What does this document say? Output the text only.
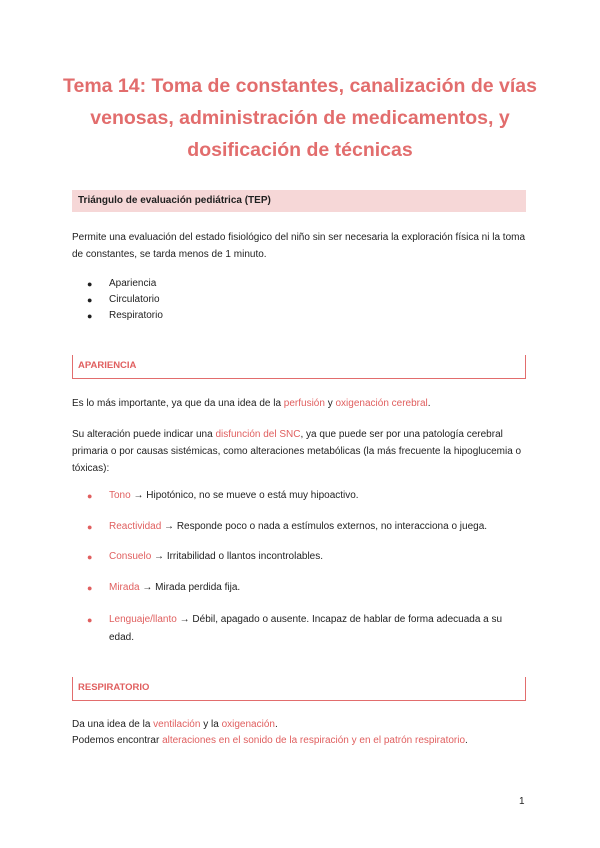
Tema 14: Toma de constantes, canalización de vías venosas, administración de medicamentos, y dosificación de técnicas
Triángulo de evaluación pediátrica (TEP)
Permite una evaluación del estado fisiológico del niño sin ser necesaria la exploración física ni la toma de constantes, se tarda menos de 1 minuto.
● Apariencia
● Circulatorio
● Respiratorio
APARIENCIA
Es lo más importante, ya que da una idea de la perfusión y oxigenación cerebral.
Su alteración puede indicar una disfunción del SNC, ya que puede ser por una patología cerebral primaria o por causas sistémicas, como alteraciones metabólicas (la más frecuente la hipoglucemia o tóxicas):
●	Tono → Hipotónico, no se mueve o está muy hipoactivo.
●	Reactividad → Responde poco o nada a estímulos externos, no interacciona o juega.
●	Consuelo → Irritabilidad o llantos incontrolables.
●	Mirada → Mirada perdida fija.
●	Lenguaje/llanto → Débil, apagado o ausente. Incapaz de hablar de forma adecuada a su edad.
RESPIRATORIO
Da una idea de la ventilación y la oxigenación.
Podemos encontrar alteraciones en el sonido de la respiración y en el patrón respiratorio.
1
